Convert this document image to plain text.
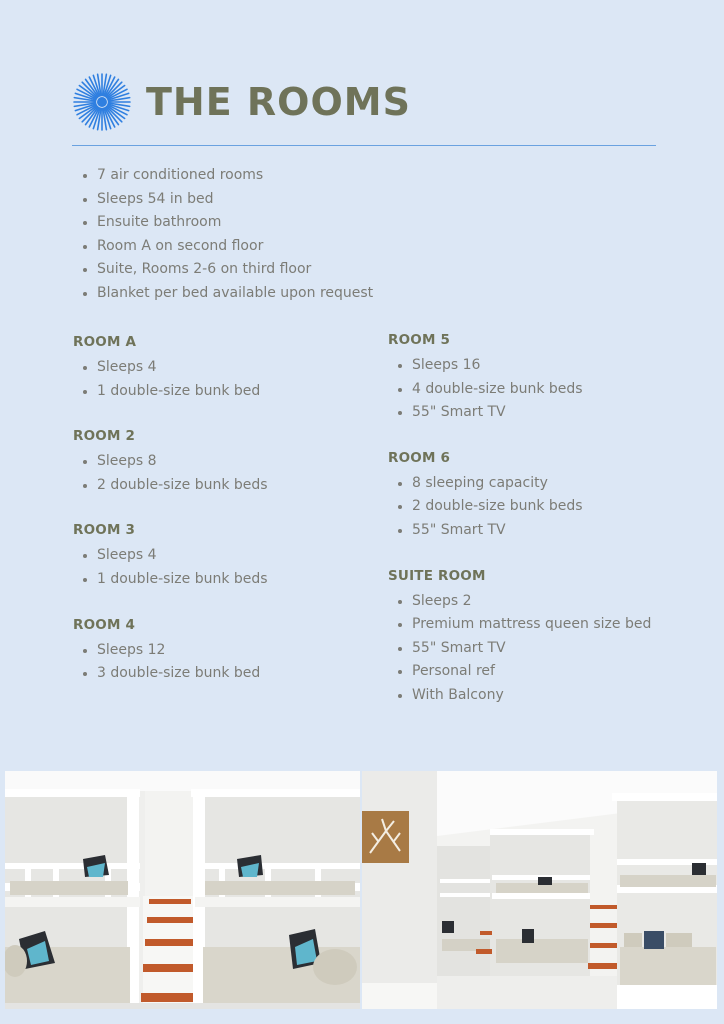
THE ROOMS
7 air conditioned rooms
Sleeps 54 in bed
Ensuite bathroom
Room A on second floor
Suite, Rooms 2-6 on third floor
Blanket per bed available upon request
ROOM A
Sleeps 4
1 double-size bunk bed
ROOM 2
Sleeps 8
2 double-size bunk beds
ROOM 3
Sleeps 4
1 double-size bunk beds
ROOM 4
Sleeps 12
3 double-size bunk bed
ROOM 5
Sleeps 16
4 double-size bunk beds
55" Smart TV
ROOM 6
8 sleeping capacity
2 double-size bunk beds
55" Smart TV
SUITE ROOM
Sleeps 2
Premium mattress queen size bed
55" Smart TV
Personal ref
With Balcony
